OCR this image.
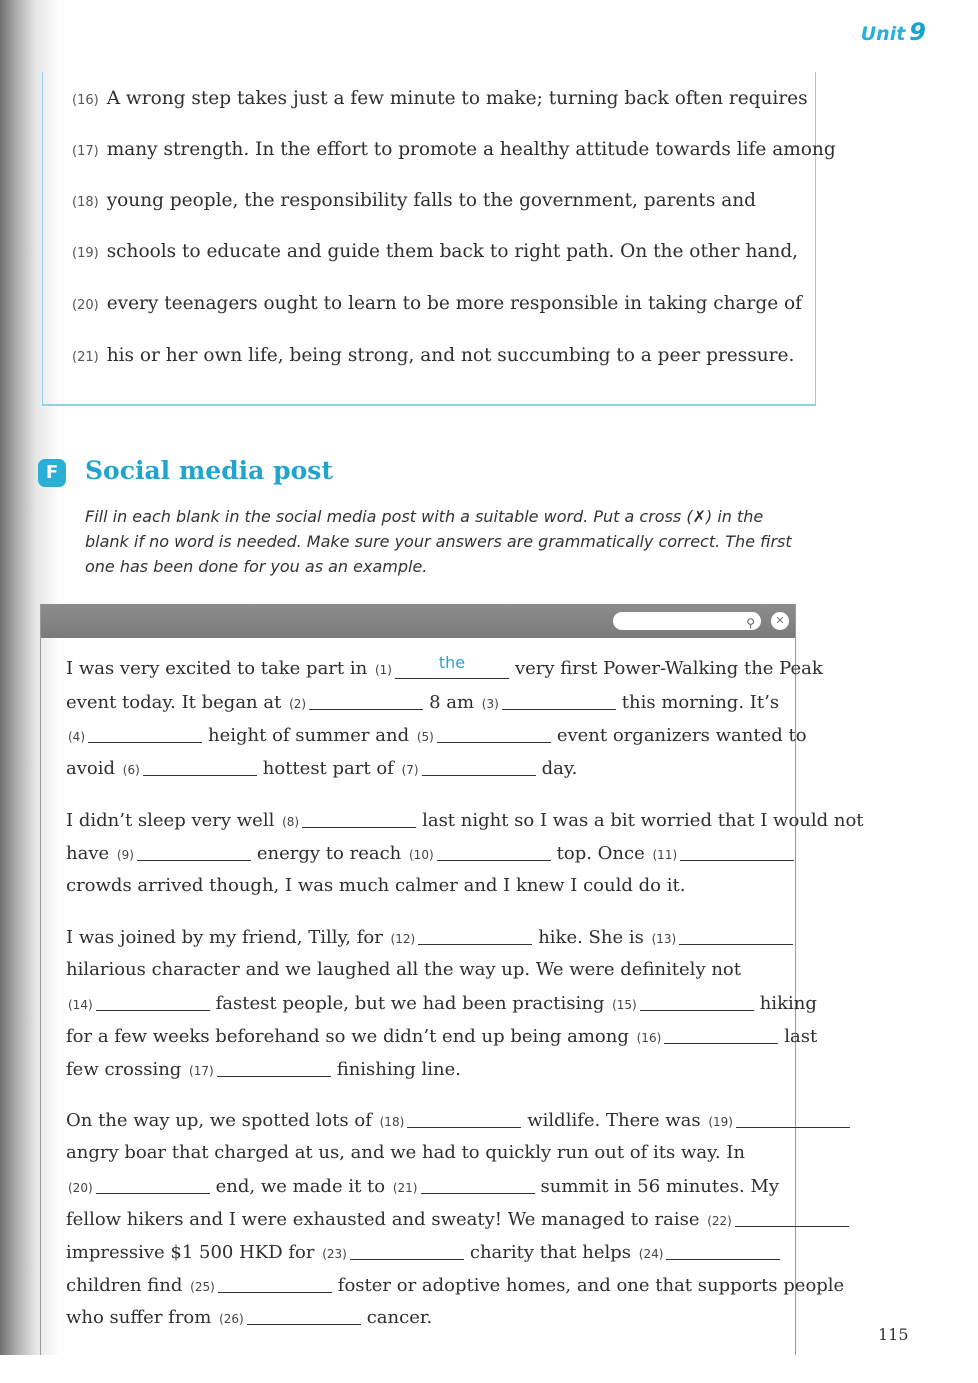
Unit 9
(16) A wrong step takes just a few minute to make; turning back often requires
(17) many strength. In the effort to promote a healthy attitude towards life among
(18) young people, the responsibility falls to the government, parents and
(19) schools to educate and guide them back to right path. On the other hand,
(20) every teenagers ought to learn to be more responsible in taking charge of
(21) his or her own life, being strong, and not succumbing to a peer pressure.
F	Social media post
Fill in each blank in the social media post with a suitable word. Put a cross (✗) in the blank if no word is needed. Make sure your answers are grammatically correct. The first one has been done for you as an example.
⚲	✕
I was very excited to take part in (1)	the	very first Power-Walking the Peak
event today. It began at (2)	8 am (3)	this morning. It’s
(4)	height of summer and (5)	event organizers wanted to
avoid (6)	hottest part of (7)	day.
I didn’t sleep very well (8)	last night so I was a bit worried that I would not
have (9)	energy to reach (10)	top. Once (11)
crowds arrived though, I was much calmer and I knew I could do it.
I was joined by my friend, Tilly, for (12)	hike. She is (13)
hilarious character and we laughed all the way up. We were definitely not
(14)	fastest people, but we had been practising (15)	hiking
for a few weeks beforehand so we didn’t end up being among (16)	last
few crossing (17)	finishing line.
On the way up, we spotted lots of (18)	wildlife. There was (19)
angry boar that charged at us, and we had to quickly run out of its way. In
(20)	end, we made it to (21)	summit in 56 minutes. My
fellow hikers and I were exhausted and sweaty! We managed to raise (22)
impressive $1 500 HKD for (23)	charity that helps (24)
children find (25)	foster or adoptive homes, and one that supports people
who suffer from (26)	cancer.
115
